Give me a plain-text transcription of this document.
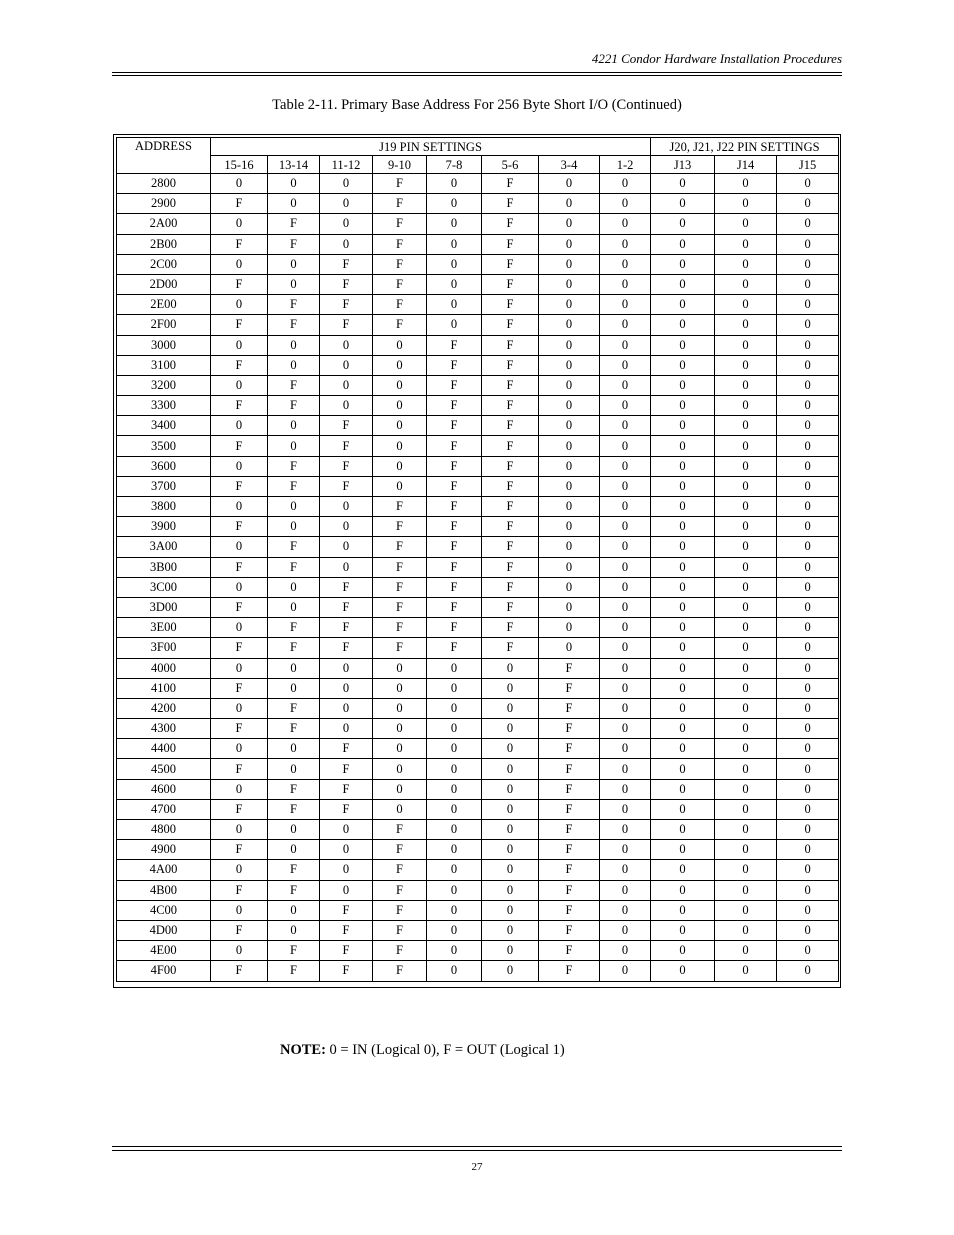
4221 Condor Hardware Installation Procedures
Table 2-11. Primary Base Address For 256 Byte Short I/O (Continued)
ADDRESS	J19 PIN SETTINGS								J20, J21, J22 PIN SETTINGS		
	15-16	13-14	11-12	9-10	7-8	5-6	3-4	1-2	J13	J14	J15
2800	0	0	0	F	0	F	0	0	0	0	0
2900	F	0	0	F	0	F	0	0	0	0	0
2A00	0	F	0	F	0	F	0	0	0	0	0
2B00	F	F	0	F	0	F	0	0	0	0	0
2C00	0	0	F	F	0	F	0	0	0	0	0
2D00	F	0	F	F	0	F	0	0	0	0	0
2E00	0	F	F	F	0	F	0	0	0	0	0
2F00	F	F	F	F	0	F	0	0	0	0	0
3000	0	0	0	0	F	F	0	0	0	0	0
3100	F	0	0	0	F	F	0	0	0	0	0
3200	0	F	0	0	F	F	0	0	0	0	0
3300	F	F	0	0	F	F	0	0	0	0	0
3400	0	0	F	0	F	F	0	0	0	0	0
3500	F	0	F	0	F	F	0	0	0	0	0
3600	0	F	F	0	F	F	0	0	0	0	0
3700	F	F	F	0	F	F	0	0	0	0	0
3800	0	0	0	F	F	F	0	0	0	0	0
3900	F	0	0	F	F	F	0	0	0	0	0
3A00	0	F	0	F	F	F	0	0	0	0	0
3B00	F	F	0	F	F	F	0	0	0	0	0
3C00	0	0	F	F	F	F	0	0	0	0	0
3D00	F	0	F	F	F	F	0	0	0	0	0
3E00	0	F	F	F	F	F	0	0	0	0	0
3F00	F	F	F	F	F	F	0	0	0	0	0
4000	0	0	0	0	0	0	F	0	0	0	0
4100	F	0	0	0	0	0	F	0	0	0	0
4200	0	F	0	0	0	0	F	0	0	0	0
4300	F	F	0	0	0	0	F	0	0	0	0
4400	0	0	F	0	0	0	F	0	0	0	0
4500	F	0	F	0	0	0	F	0	0	0	0
4600	0	F	F	0	0	0	F	0	0	0	0
4700	F	F	F	0	0	0	F	0	0	0	0
4800	0	0	0	F	0	0	F	0	0	0	0
4900	F	0	0	F	0	0	F	0	0	0	0
4A00	0	F	0	F	0	0	F	0	0	0	0
4B00	F	F	0	F	0	0	F	0	0	0	0
4C00	0	0	F	F	0	0	F	0	0	0	0
4D00	F	0	F	F	0	0	F	0	0	0	0
4E00	0	F	F	F	0	0	F	0	0	0	0
4F00	F	F	F	F	0	0	F	0	0	0	0
NOTE: 0 = IN (Logical 0), F = OUT (Logical 1)
27
